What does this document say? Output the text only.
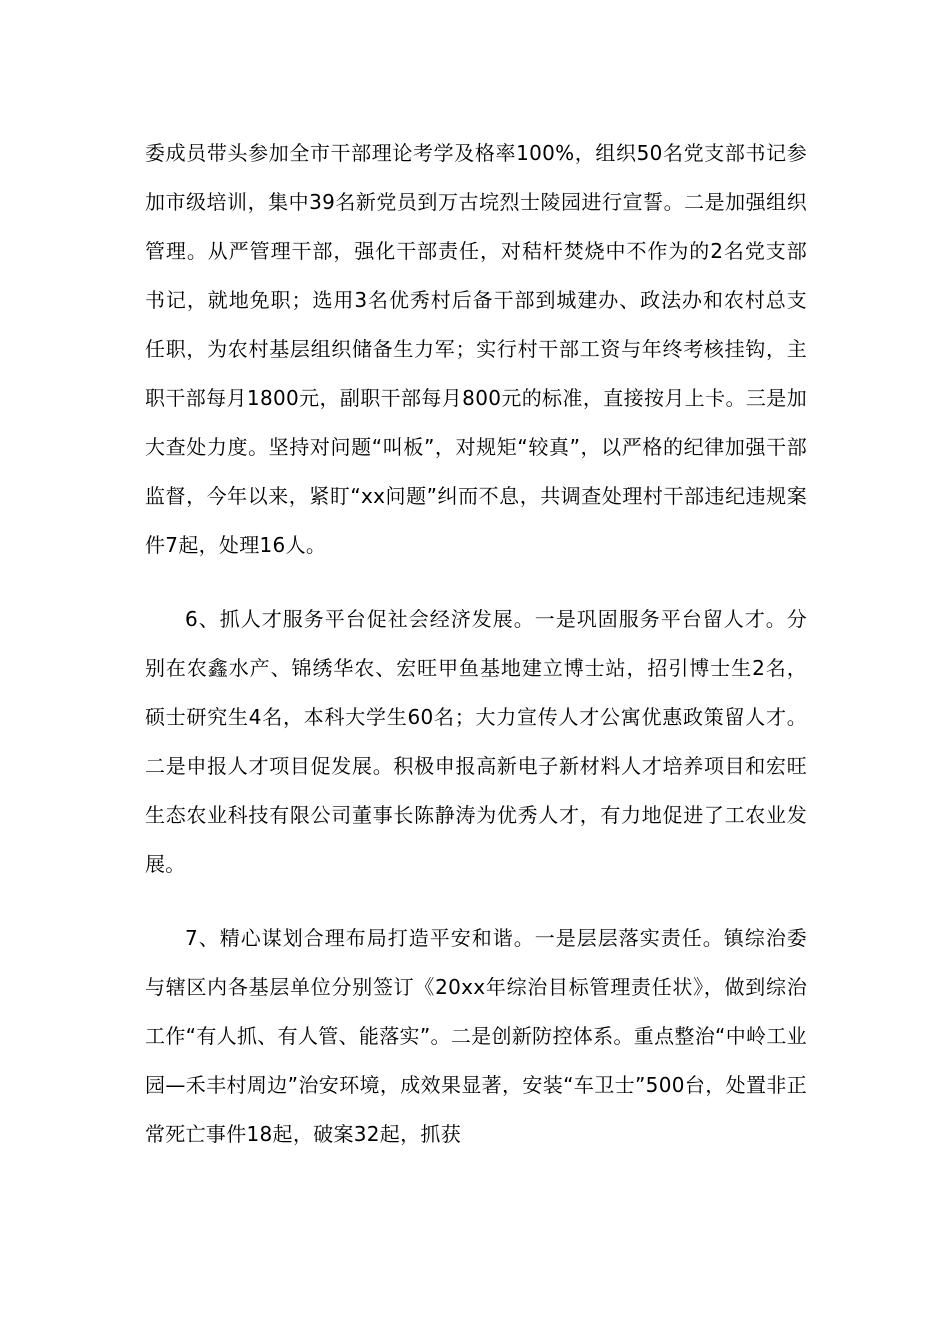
委成员带头参加全市干部理论考学及格率100%，组织50名党支部书记参加市级培训，集中39名新党员到万古垸烈士陵园进行宣誓。二是加强组织管理。从严管理干部，强化干部责任，对秸杆焚烧中不作为的2名党支部书记，就地免职；选用3名优秀村后备干部到城建办、政法办和农村总支任职，为农村基层组织储备生力军；实行村干部工资与年终考核挂钩，主职干部每月1800元，副职干部每月800元的标准，直接按月上卡。三是加大查处力度。坚持对问题“叫板”，对规矩“较真”，以严格的纪律加强干部监督，今年以来，紧盯“xx问题”纠而不息，共调查处理村干部违纪违规案件7起，处理16人。

6、抓人才服务平台促社会经济发展。一是巩固服务平台留人才。分别在农鑫水产、锦绣华农、宏旺甲鱼基地建立博士站，招引博士生2名，硕士研究生4名，本科大学生60名；大力宣传人才公寓优惠政策留人才。二是申报人才项目促发展。积极申报高新电子新材料人才培养项目和宏旺生态农业科技有限公司董事长陈静涛为优秀人才，有力地促进了工农业发展。

7、精心谋划合理布局打造平安和谐。一是层层落实责任。镇综治委与辖区内各基层单位分别签订《20xx年综治目标管理责任状》，做到综治工作“有人抓、有人管、能落实”。二是创新防控体系。重点整治“中岭工业园—禾丰村周边”治安环境，成效果显著，安装“车卫士”500台，处置非正常死亡事件18起，破案32起，抓获
